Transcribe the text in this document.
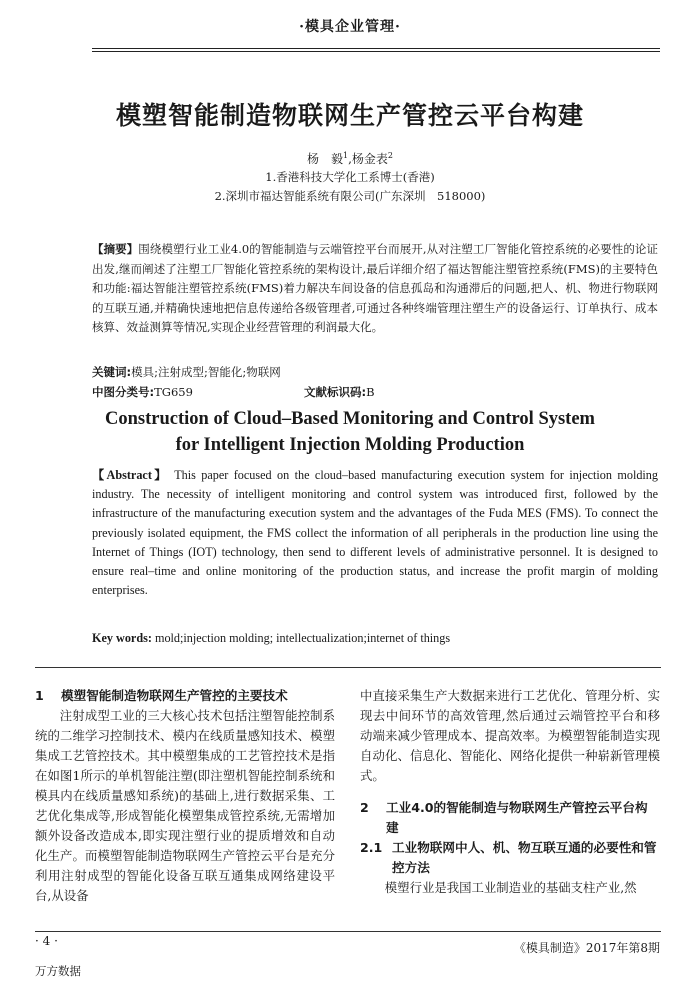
·模具企业管理·
模塑智能制造物联网生产管控云平台构建
杨　毅$^1$,杨金表$^2$
1.香港科技大学化工系博士(香港)
2.深圳市福达智能系统有限公司(广东深圳　518000)
【摘要】围绕模塑行业工业4.0的智能制造与云端管控平台而展开,从对注塑工厂智能化管控系统的必要性的论证出发,继而阐述了注塑工厂智能化管控系统的架构设计,最后详细介绍了福达智能注塑管控系统(FMS)的主要特色和功能:福达智能注塑管控系统(FMS)着力解决车间设备的信息孤岛和沟通滞后的问题,把人、机、物进行物联网的互联互通,并精确快速地把信息传递给各级管理者,可通过各种终端管理注塑生产的设备运行、订单执行、成本核算、效益测算等情况,实现企业经营管理的利润最大化。
关键词:模具;注射成型;智能化;物联网
中图分类号:TG659	文献标识码:B
Construction of Cloud–Based Monitoring and Control System
for Intelligent Injection Molding Production
【Abstract】 This paper focused on the cloud–based manufacturing execution system for injection molding industry. The necessity of intelligent monitoring and control system was introduced first, followed by the infrastructure of the manufacturing execution system and the advantages of the Fuda MES (FMS). To connect the previously isolated equipment, the FMS collect the information of all peripherals in the production line using the Internet of Things (IOT) technology, then send to different levels of administrative personnel. It is designed to ensure real–time and online monitoring of the production status, and increase the profit margin of molding enterprises.
Key words: mold;injection molding; intellectualization;internet of things
1	模塑智能制造物联网生产管控的主要技术

注射成型工业的三大核心技术包括注塑智能控制系统的二维学习控制技术、模内在线质量感知技术、模塑集成工艺管控技术。其中模塑集成的工艺管控技术是指在如图1所示的单机智能注塑(即注塑机智能控制系统和模具内在线质量感知系统)的基础上,进行数据采集、工艺优化集成等,形成智能化模塑集成管控系统,无需增加额外设备改造成本,即实现注塑行业的提质增效和自动化生产。而模塑智能制造物联网生产管控云平台是充分利用注射成型的智能化设备互联互通集成网络建设平台,从设备

中直接采集生产大数据来进行工艺优化、管理分析、实现去中间环节的高效管理,然后通过云端管控平台和移动端来减少管理成本、提高效率。为模塑智能制造实现自动化、信息化、智能化、网络化提供一种崭新管理模式。

2	工业4.0的智能制造与物联网生产管控云平台构建
2.1 工业物联网中人、机、物互联互通的必要性和管控方法

模塑行业是我国工业制造业的基础支柱产业,然

· 4 ·	《模具制造》2017年第8期
万方数据
